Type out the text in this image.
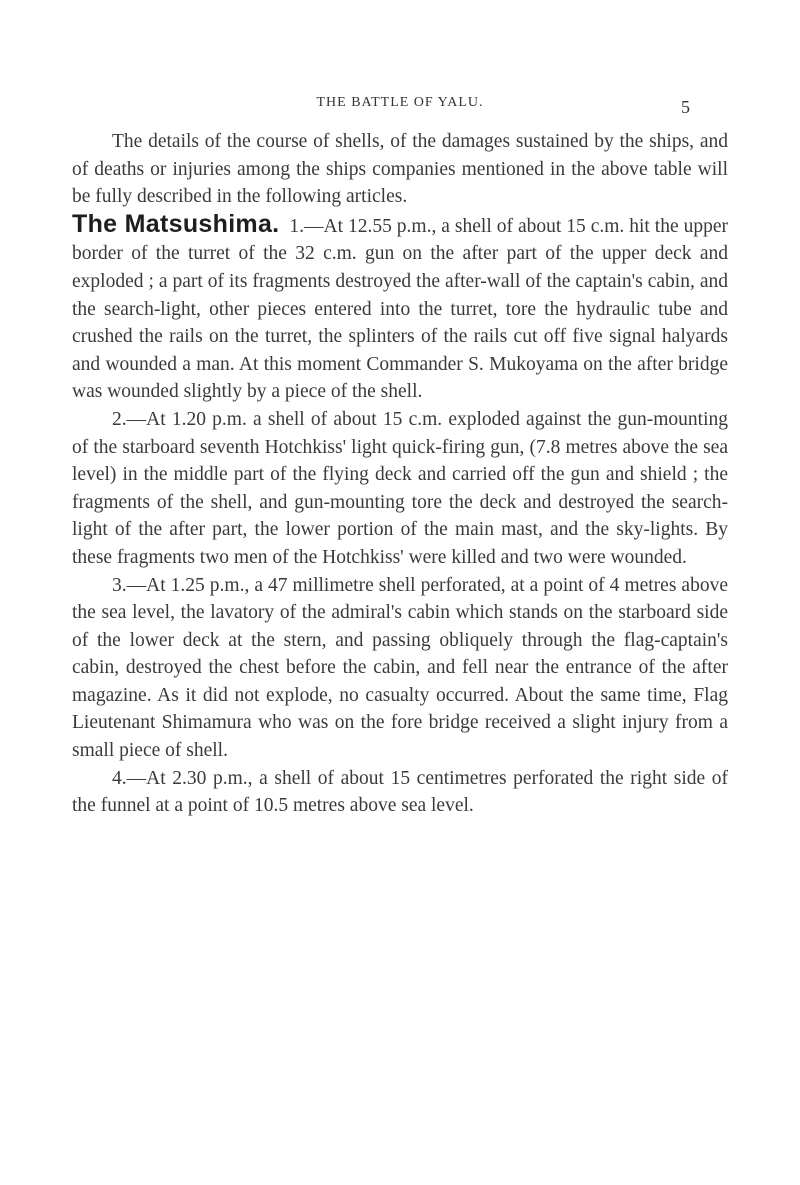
THE BATTLE OF YALU.	5

The details of the course of shells, of the damages sustained by the ships, and of deaths or injuries among the ships companies mentioned in the above table will be fully described in the following articles.

The Matsushima. 1.—At 12.55 p.m., a shell of about 15 c.m. hit the upper border of the turret of the 32 c.m. gun on the after part of the upper deck and exploded ; a part of its fragments destroyed the after-wall of the captain's cabin, and the search-light, other pieces entered into the turret, tore the hydraulic tube and crushed the rails on the turret, the splinters of the rails cut off five signal halyards and wounded a man. At this moment Commander S. Mukoyama on the after bridge was wounded slightly by a piece of the shell.

2.—At 1.20 p.m. a shell of about 15 c.m. exploded against the gun-mounting of the starboard seventh Hotchkiss' light quick-firing gun, (7.8 metres above the sea level) in the middle part of the flying deck and carried off the gun and shield ; the fragments of the shell, and gun-mounting tore the deck and destroyed the search-light of the after part, the lower portion of the main mast, and the sky-lights. By these fragments two men of the Hotchkiss' were killed and two were wounded.

3.—At 1.25 p.m., a 47 millimetre shell perforated, at a point of 4 metres above the sea level, the lavatory of the admiral's cabin which stands on the starboard side of the lower deck at the stern, and passing obliquely through the flag-captain's cabin, destroyed the chest before the cabin, and fell near the entrance of the after magazine. As it did not explode, no casualty occurred. About the same time, Flag Lieutenant Shimamura who was on the fore bridge received a slight injury from a small piece of shell.

4.—At 2.30 p.m., a shell of about 15 centimetres perforated the right side of the funnel at a point of 10.5 metres above sea level.
